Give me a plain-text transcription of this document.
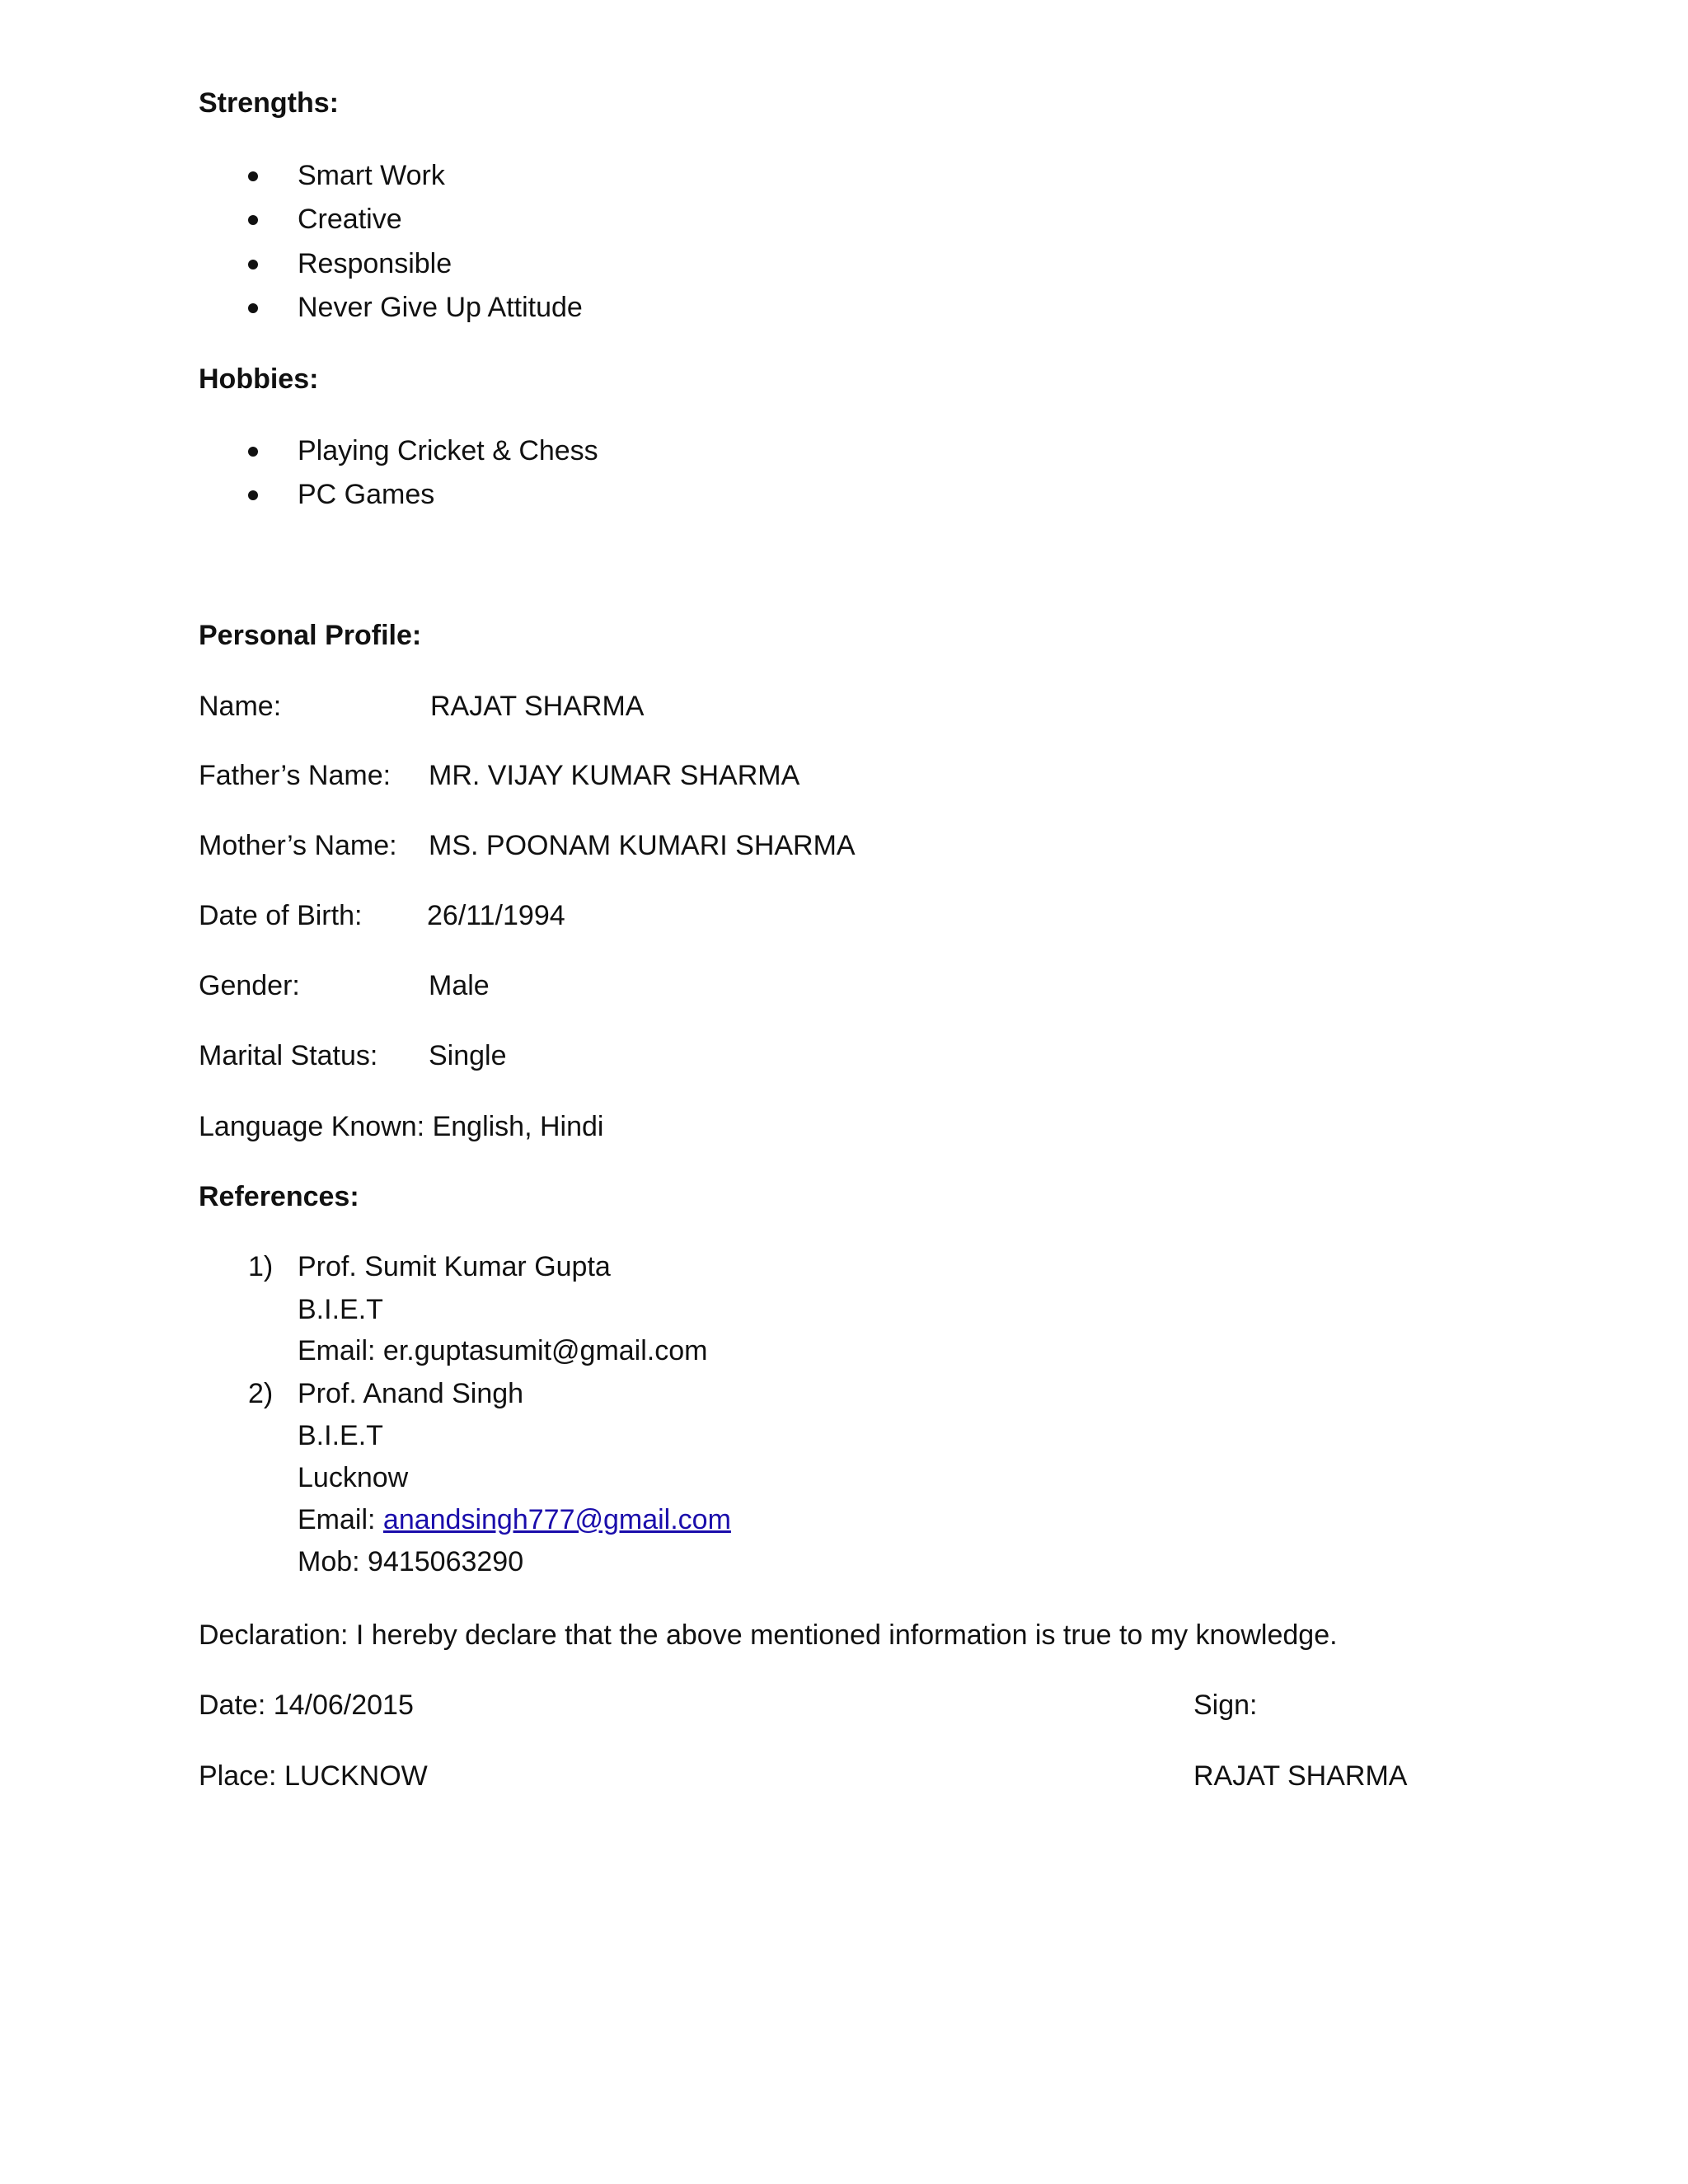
Strengths:
Smart Work
Creative
Responsible
Never Give Up Attitude
Hobbies:
Playing Cricket & Chess
PC Games
Personal Profile:
Name:	RAJAT SHARMA
Father’s Name: MR. VIJAY KUMAR SHARMA
Mother’s Name: MS. POONAM KUMARI SHARMA
Date of Birth: 26/11/1994
Gender:	Male
Marital Status: Single
Language Known: English, Hindi
References:
1) Prof. Sumit Kumar Gupta
B.I.E.T
Email: er.guptasumit@gmail.com
2) Prof. Anand Singh
B.I.E.T
Lucknow
Email: anandsingh777@gmail.com
Mob: 9415063290
Declaration: I hereby declare that the above mentioned information is true to my knowledge.
Date: 14/06/2015	Sign:
Place: LUCKNOW	RAJAT SHARMA
